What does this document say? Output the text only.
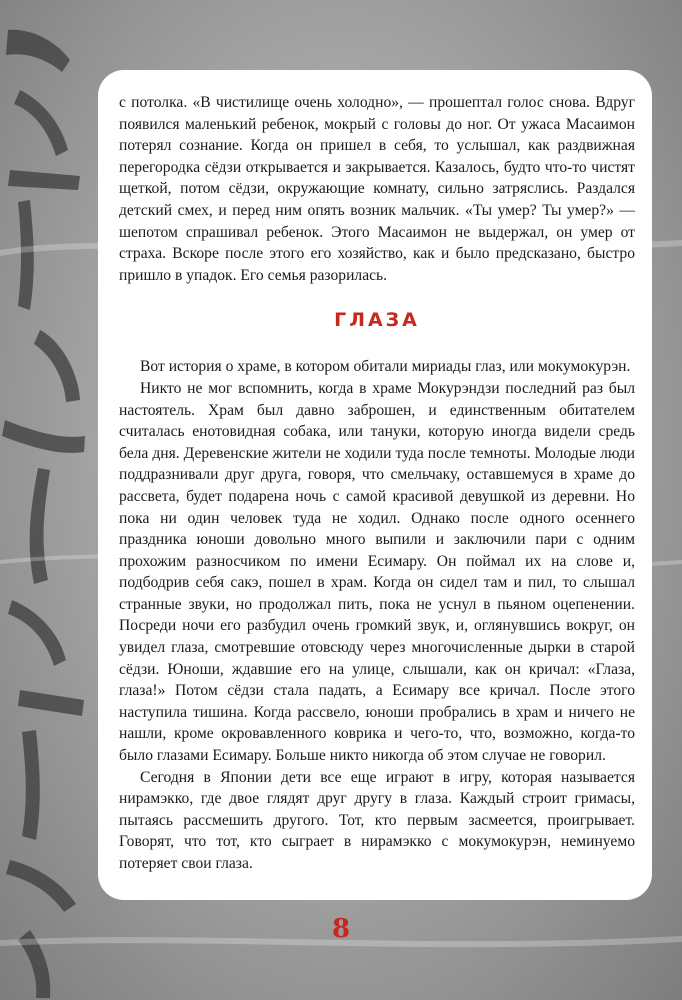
с потолка. «В чистилище очень холодно», — прошептал голос снова. Вдруг появился маленький ребенок, мокрый с головы до ног. От ужаса Масаимон потерял сознание. Когда он пришел в себя, то услышал, как раздвижная перегородка сёдзи открывается и закрывается. Казалось, будто что-то чистят щеткой, потом сёдзи, окружающие комнату, сильно затряслись. Раздался детский смех, и перед ним опять возник мальчик. «Ты умер? Ты умер?» — шепотом спрашивал ребенок. Этого Масаимон не выдержал, он умер от страха. Вскоре после этого его хозяйство, как и было предсказано, быстро пришло в упадок. Его семья разорилась.

ГЛАЗА

Вот история о храме, в котором обитали мириады глаз, или мокумокурэн.

Никто не мог вспомнить, когда в храме Мокурэндзи последний раз был настоятель. Храм был давно заброшен, и единственным обитателем считалась енотовидная собака, или тануки, которую иногда видели средь бела дня. Деревенские жители не ходили туда после темноты. Молодые люди поддразнивали друг друга, говоря, что смельчаку, оставшемуся в храме до рассвета, будет подарена ночь с самой красивой девушкой из деревни. Но пока ни один человек туда не ходил. Однако после одного осеннего праздника юноши довольно много выпили и заключили пари с одним прохожим разносчиком по имени Есимару. Он поймал их на слове и, подбодрив себя сакэ, пошел в храм. Когда он сидел там и пил, то слышал странные звуки, но продолжал пить, пока не уснул в пьяном оцепенении. Посреди ночи его разбудил очень громкий звук, и, оглянувшись вокруг, он увидел глаза, смотревшие отовсюду через многочисленные дырки в старой сёдзи. Юноши, ждавшие его на улице, слышали, как он кричал: «Глаза, глаза!» Потом сёдзи стала падать, а Есимару все кричал. После этого наступила тишина. Когда рассвело, юноши пробрались в храм и ничего не нашли, кроме окровавленного коврика и чего-то, что, возможно, когда-то было глазами Есимару. Больше никто никогда об этом случае не говорил.

Сегодня в Японии дети все еще играют в игру, которая называется нирамэкко, где двое глядят друг другу в глаза. Каждый строит гримасы, пытаясь рассмешить другого. Тот, кто первым засмеется, проигрывает. Говорят, что тот, кто сыграет в нирамэкко с мокумокурэн, неминуемо потеряет свои глаза.

8
